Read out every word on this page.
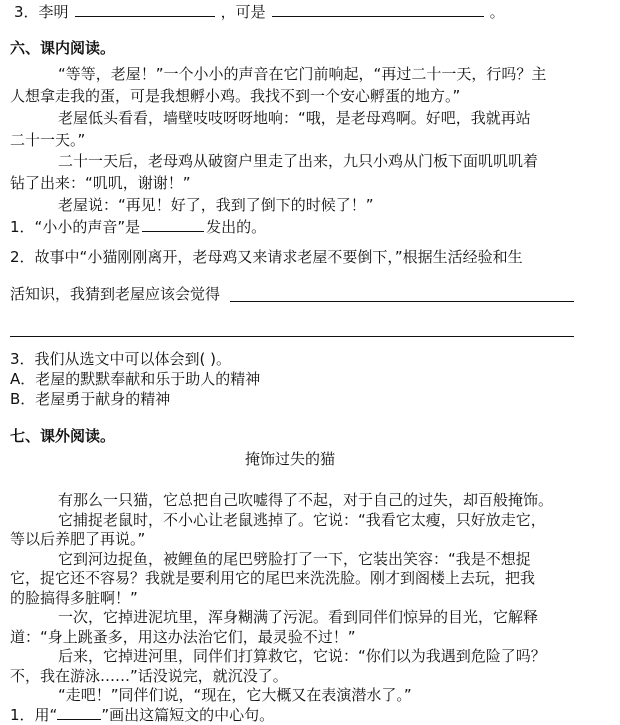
3．李明	，可是	。
六、课内阅读。
“等等，老屋！”一个小小的声音在它门前响起，“再过二十一天，行吗？主
人想拿走我的蛋，可是我想孵小鸡。我找不到一个安心孵蛋的地方。”
老屋低头看看，墙壁吱吱呀呀地响：“哦，是老母鸡啊。好吧，我就再站
二十一天。”
二十一天后，老母鸡从破窗户里走了出来，九只小鸡从门板下面叽叽叽着
钻了出来：“叽叽，谢谢！”
老屋说：“再见！好了，我到了倒下的时候了！”
1．“小小的声音”是	发出的。
2．故事中“小猫刚刚离开，老母鸡又来请求老屋不要倒下，”根据生活经验和生
活知识，我猜到老屋应该会觉得
3．我们从选文中可以体会到( )。
A．老屋的默默奉献和乐于助人的精神
B．老屋勇于献身的精神
七、课外阅读。
掩饰过失的猫
有那么一只猫，它总把自己吹嘘得了不起，对于自己的过失，却百般掩饰。
它捕捉老鼠时，不小心让老鼠逃掉了。它说：“我看它太瘦，只好放走它，
等以后养肥了再说。”
它到河边捉鱼，被鲤鱼的尾巴劈脸打了一下，它装出笑容：“我是不想捉
它，捉它还不容易？我就是要利用它的尾巴来洗洗脸。刚才到阁楼上去玩，把我
的脸搞得多脏啊！”
一次，它掉进泥坑里，浑身糊满了污泥。看到同伴们惊异的目光，它解释
道：“身上跳蚤多，用这办法治它们，最灵验不过！”
后来，它掉进河里，同伴们打算救它，它说：“你们以为我遇到危险了吗？
不，我在游泳……”话没说完，就沉没了。
“走吧！”同伴们说，“现在，它大概又在表演潜水了。”
1．用“	”画出这篇短文的中心句。
